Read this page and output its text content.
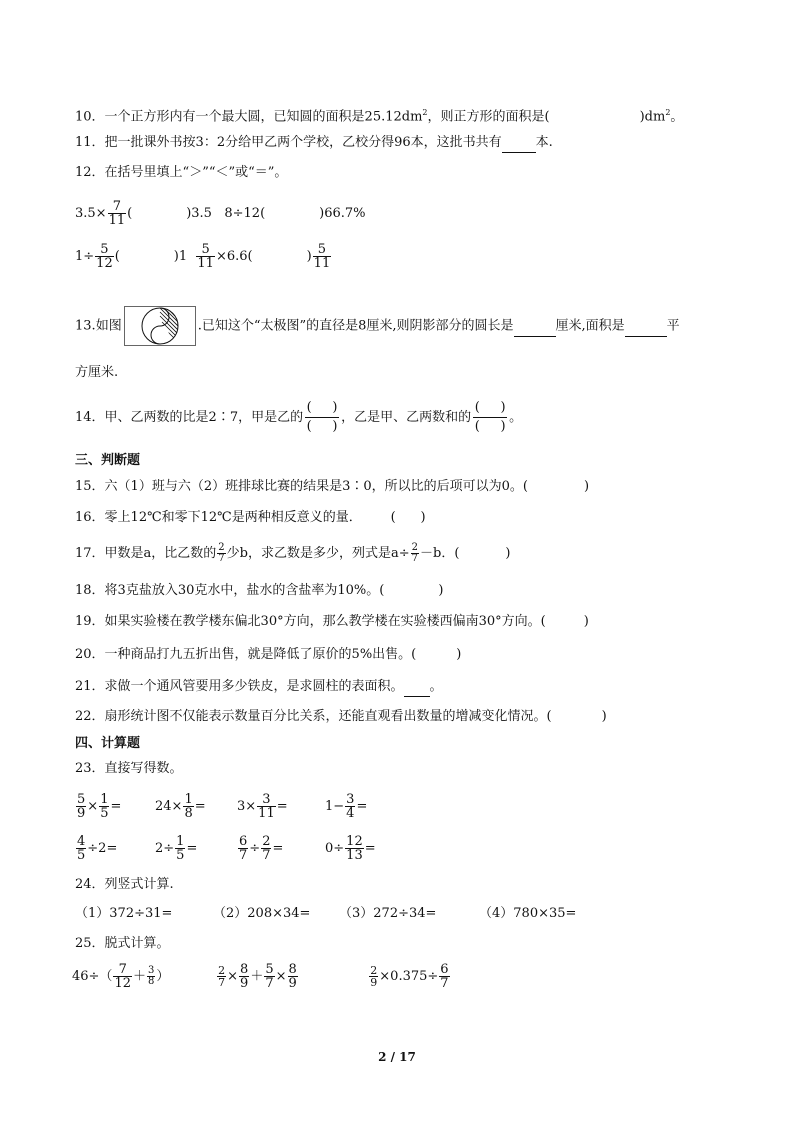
10．一个正方形内有一个最大圆，已知圆的面积是$25.12dm^2$，则正方形的面积是(	)$dm^2$。
11．把一批课外书按3：2分给甲乙两个学校，乙校分得96本，这批书共有	本.
12．在括号里填上“＞”“＜”或“＝”。
$3.5\times \frac{7}{11}$ (	)3.5 8÷12(	)66.7%
$1\div \frac{5}{12}$ (	)$1 \frac{5}{11} \times 6.6$(	) $\frac{5}{11}$
13.如图	.已知这个“太极图”的直径是8厘米,则阴影部分的圆长是	厘米,面积是	平
方厘米.
14．甲、乙两数的比是2∶7，甲是乙的
( )
( )
，乙是甲、乙两数和的
( )
( )
。
三、判断题
15．六（1）班与六（2）班排球比赛的结果是3∶0，所以比的后项可以为0。(	)
16．零上12℃和零下12℃是两种相反意义的量． (      )
17．甲数是a，比乙数的 $\frac{2}{7}$ 少b，求乙数是多少，列式是$a\div \frac{2}{7} -b$．(	)
18．将3克盐放入30克水中，盐水的含盐率为10%。(	)
19．如果实验楼在教学楼东偏北30°方向，那么教学楼在实验楼西偏南30°方向。(	)
20．一种商品打九五折出售，就是降低了原价的5%出售。(	)
21．求做一个通风管要用多少铁皮，是求圆柱的表面积。 。
22．扇形统计图不仅能表示数量百分比关系，还能直观看出数量的增减变化情况。(	)
四、计算题
23．直接写得数。
$\frac{5}{9} \times \frac{1}{5}$ =	$24\times \frac{1}{8} = 3\times \frac{3}{11}$ =	$1- \frac{3}{4}$ =
$\frac{4}{5} \div 2=$	$2\div \frac{1}{5}$ =	$\frac{6}{7} \div \frac{2}{7}$ =	$0\div \frac{12}{13}$ =
24．列竖式计算.
（1）372÷31=	（2）208×34= （3）272÷34=	（4）780×35=
25．脱式计算。
$46\div( \frac{7}{12} + \frac{3}{8}$ ）	$\frac{2}{7} \times \frac{8}{9} + \frac{5}{7} \times \frac{8}{9}$
	$\frac{2}{9} \times 0.375\div \frac{6}{7}$
2 / 17
